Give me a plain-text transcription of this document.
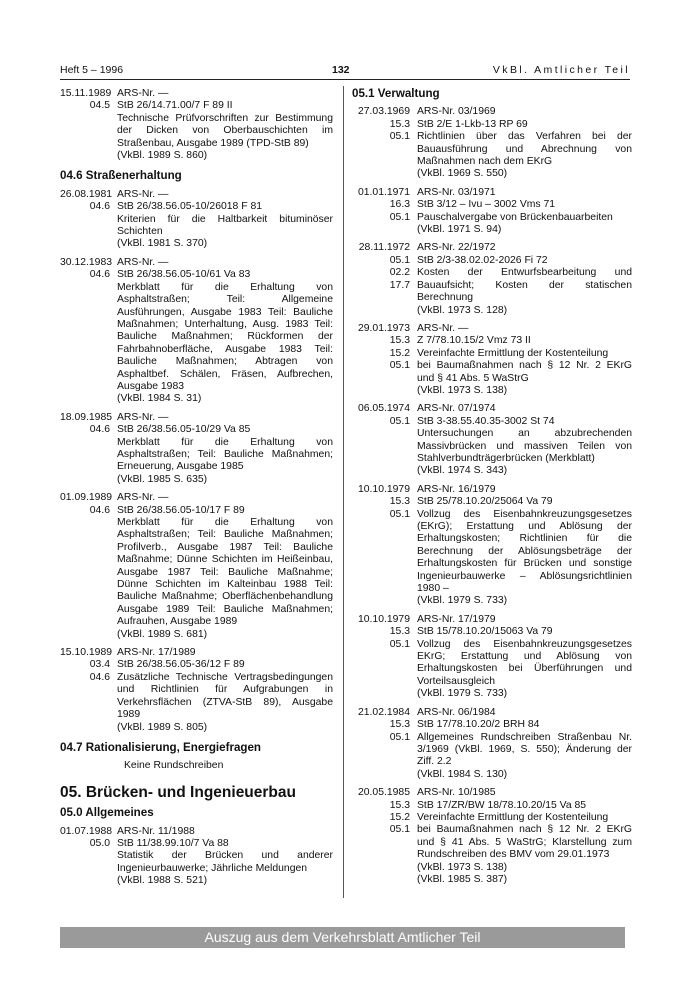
Heft 5 – 1996	132	VkBl. Amtlicher Teil
15.11.1989
04.5
ARS-Nr. —
StB 26/14.71.00/7 F 89 II
Technische Prüfvorschriften zur Bestimmung der Dicken von Oberbauschichten im Straßenbau, Ausgabe 1989 (TPD-StB 89)
(VkBl. 1989 S. 860)
04.6 Straßenerhaltung
26.08.1981
04.6
ARS-Nr. —
StB 26/38.56.05-10/26018 F 81
Kriterien für die Haltbarkeit bituminöser Schichten
(VkBl. 1981 S. 370)
30.12.1983
04.6
ARS-Nr. —
StB 26/38.56.05-10/61 Va 83
Merkblatt für die Erhaltung von Asphaltstraßen; Teil: Allgemeine Ausführungen, Ausgabe 1983 Teil: Bauliche Maßnahmen; Unterhaltung, Ausg. 1983 Teil: Bauliche Maßnahmen; Rückformen der Fahrbahnoberfläche, Ausgabe 1983 Teil: Bauliche Maßnahmen; Abtragen von Asphaltbef. Schälen, Fräsen, Aufbrechen, Ausgabe 1983
(VkBl. 1984 S. 31)
18.09.1985
04.6
ARS-Nr. —
StB 26/38.56.05-10/29 Va 85
Merkblatt für die Erhaltung von Asphaltstraßen; Teil: Bauliche Maßnahmen; Erneuerung, Ausgabe 1985
(VkBl. 1985 S. 635)
01.09.1989
04.6
ARS-Nr. —
StB 26/38.56.05-10/17 F 89
Merkblatt für die Erhaltung von Asphaltstraßen; Teil: Bauliche Maßnahmen; Profilverb., Ausgabe 1987 Teil: Bauliche Maßnahme; Dünne Schichten im Heißeinbau, Ausgabe 1987 Teil: Bauliche Maßnahme; Dünne Schichten im Kalteinbau 1988 Teil: Bauliche Maßnahme; Oberflächenbehandlung Ausgabe 1989 Teil: Bauliche Maßnahmen; Aufrauhen, Ausgabe 1989
(VkBl. 1989 S. 681)
15.10.1989
03.4
04.6
ARS-Nr. 17/1989
StB 26/38.56.05-36/12 F 89
Zusätzliche Technische Vertragsbedingungen und Richtlinien für Aufgrabungen in Verkehrsflächen (ZTVA-StB 89), Ausgabe 1989
(VkBl. 1989 S. 805)
04.7 Rationalisierung, Energiefragen
Keine Rundschreiben
05. Brücken- und Ingenieuerbau
05.0 Allgemeines
01.07.1988
05.0
ARS-Nr. 11/1988
StB 11/38.99.10/7 Va 88
Statistik der Brücken und anderer Ingenieurbauwerke; Jährliche Meldungen
(VkBl. 1988 S. 521)
05.1 Verwaltung
27.03.1969
15.3
05.1
ARS-Nr. 03/1969
StB 2/E 1-Lkb-13 RP 69
Richtlinien über das Verfahren bei der Bauausführung und Abrechnung von Maßnahmen nach dem EKrG
(VkBl. 1969 S. 550)
01.01.1971
16.3
05.1
ARS-Nr. 03/1971
StB 3/12 – Ivu – 3002 Vms 71
Pauschalvergabe von Brückenbauarbeiten
(VkBl. 1971 S. 94)
28.11.1972
05.1
02.2
17.7
ARS-Nr. 22/1972
StB 2/3-38.02.02-2026 Fi 72
Kosten der Entwurfsbearbeitung und Bauaufsicht; Kosten der statischen Berechnung
(VkBl. 1973 S. 128)
29.01.1973
15.3
15.2
05.1
ARS-Nr. —
Z 7/78.10.15/2 Vmz 73 II
Vereinfachte Ermittlung der Kostenteilung
bei Baumaßnahmen nach § 12 Nr. 2 EKrG und § 41 Abs. 5 WaStrG
(VkBl. 1973 S. 138)
06.05.1974
05.1
ARS-Nr. 07/1974
StB 3-38.55.40.35-3002 St 74
Untersuchungen an abzubrechenden Massivbrücken und massiven Teilen von Stahlverbundträgerbrücken (Merkblatt)
(VkBl. 1974 S. 343)
10.10.1979
15.3
05.1
ARS-Nr. 16/1979
StB 25/78.10.20/25064 Va 79
Vollzug des Eisenbahnkreuzungsgesetzes (EKrG); Erstattung und Ablösung der Erhaltungskosten; Richtlinien für die Berechnung der Ablösungsbeträge der Erhaltungskosten für Brücken und sonstige Ingenieurbauwerke – Ablösungsrichtlinien 1980 –
(VkBl. 1979 S. 733)
10.10.1979
15.3
05.1
ARS-Nr. 17/1979
StB 15/78.10.20/15063 Va 79
Vollzug des Eisenbahnkreuzungsgesetzes EKrG; Erstattung und Ablösung von Erhaltungskosten bei Überführungen und Vorteilsausgleich
(VkBl. 1979 S. 733)
21.02.1984
15.3
05.1
ARS-Nr. 06/1984
StB 17/78.10.20/2 BRH 84
Allgemeines Rundschreiben Straßenbau Nr. 3/1969 (VkBl. 1969, S. 550); Änderung der Ziff. 2.2
(VkBl. 1984 S. 130)
20.05.1985
15.3
15.2
05.1
ARS-Nr. 10/1985
StB 17/ZR/BW 18/78.10.20/15 Va 85
Vereinfachte Ermittlung der Kostenteilung
bei Baumaßnahmen nach § 12 Nr. 2 EKrG und § 41 Abs. 5 WaStrG; Klarstellung zum Rundschreiben des BMV vom 29.01.1973
(VkBl. 1973 S. 138)
(VkBl. 1985 S. 387)
Auszug aus dem Verkehrsblatt Amtlicher Teil
